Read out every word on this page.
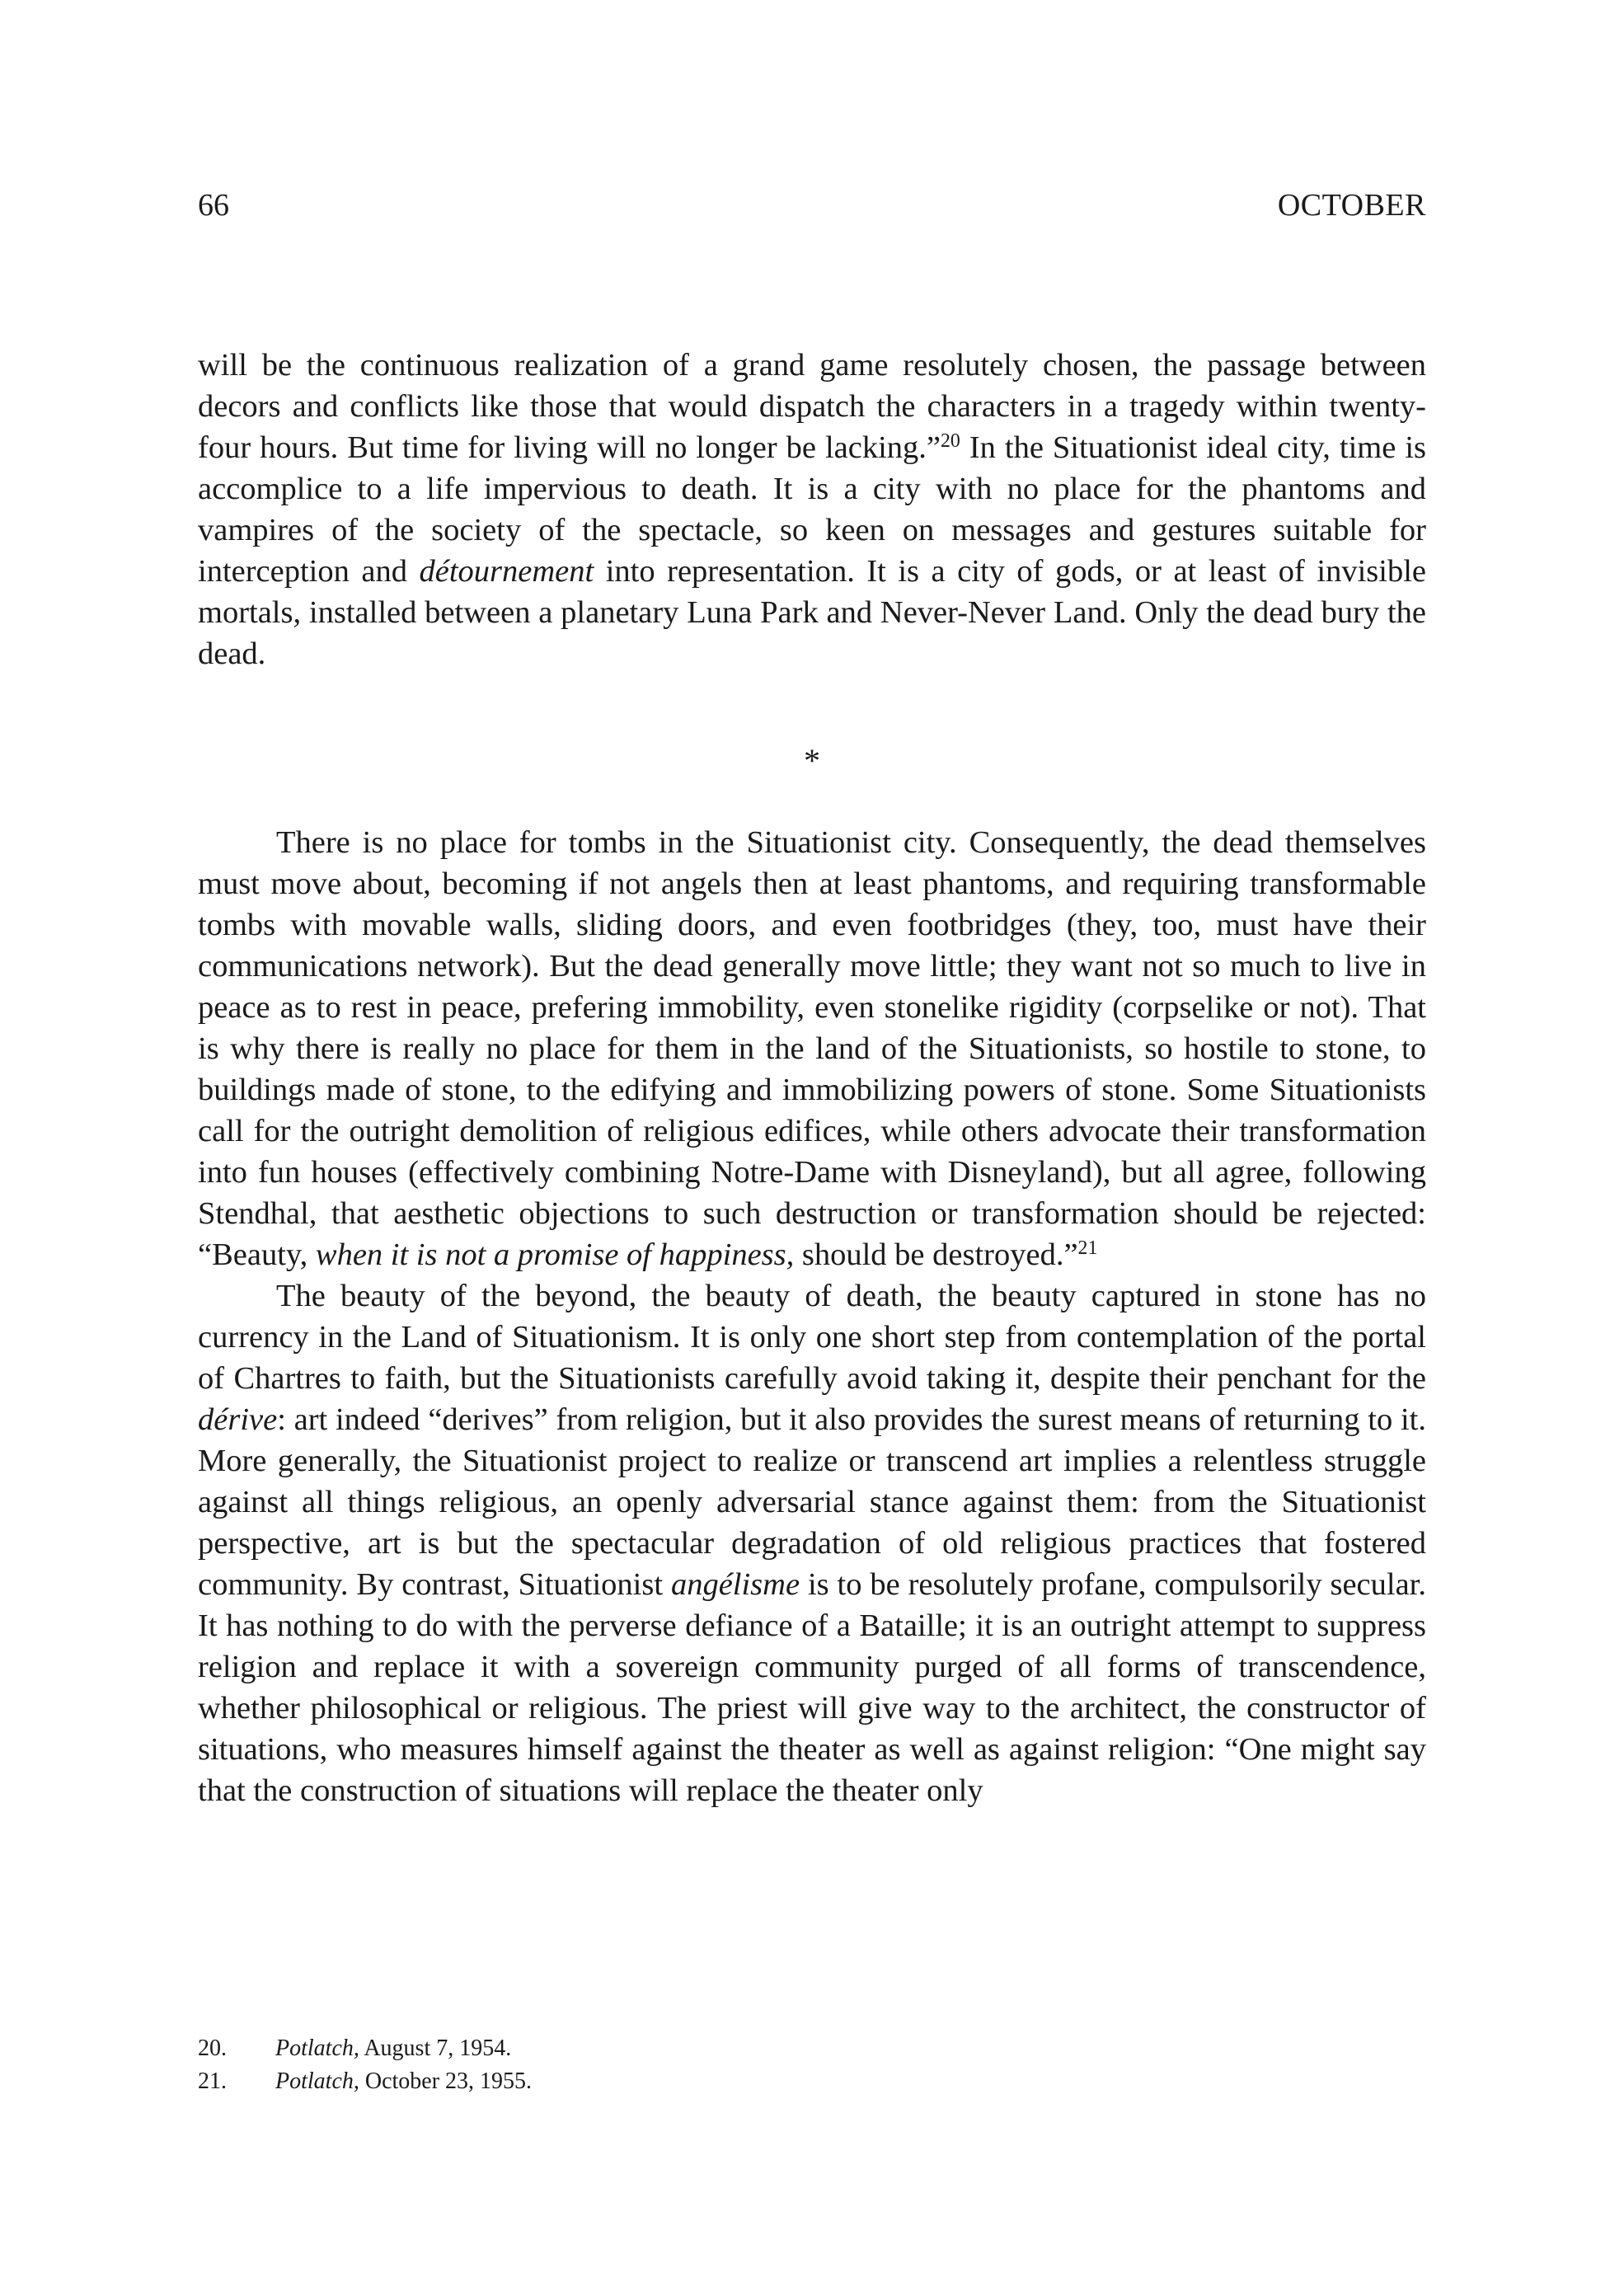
66	OCTOBER

will be the continuous realization of a grand game resolutely chosen, the passage between decors and conflicts like those that would dispatch the characters in a tragedy within twenty-four hours. But time for living will no longer be lacking.”$^{20}$ In the Situationist ideal city, time is accomplice to a life impervious to death. It is a city with no place for the phantoms and vampires of the society of the spectacle, so keen on messages and gestures suitable for interception and détournement into representation. It is a city of gods, or at least of invisible mortals, installed between a planetary Luna Park and Never-Never Land. Only the dead bury the dead.

*

There is no place for tombs in the Situationist city. Consequently, the dead themselves must move about, becoming if not angels then at least phantoms, and requiring transformable tombs with movable walls, sliding doors, and even footbridges (they, too, must have their communications network). But the dead generally move little; they want not so much to live in peace as to rest in peace, prefering immobility, even stonelike rigidity (corpselike or not). That is why there is really no place for them in the land of the Situationists, so hostile to stone, to buildings made of stone, to the edifying and immobilizing powers of stone. Some Situationists call for the outright demolition of religious edifices, while others advocate their transformation into fun houses (effectively combining Notre-Dame with Disneyland), but all agree, following Stendhal, that aesthetic objections to such destruction or transformation should be rejected: “Beauty, when it is not a promise of happiness, should be destroyed.”$^{21}$

The beauty of the beyond, the beauty of death, the beauty captured in stone has no currency in the Land of Situationism. It is only one short step from contemplation of the portal of Chartres to faith, but the Situationists carefully avoid taking it, despite their penchant for the dérive: art indeed “derives” from religion, but it also provides the surest means of returning to it. More generally, the Situationist project to realize or transcend art implies a relentless struggle against all things religious, an openly adversarial stance against them: from the Situationist perspective, art is but the spectacular degradation of old religious practices that fostered community. By contrast, Situationist angélisme is to be resolutely profane, compulsorily secular. It has nothing to do with the perverse defiance of a Bataille; it is an outright attempt to suppress religion and replace it with a sovereign community purged of all forms of transcendence, whether philosophical or religious. The priest will give way to the architect, the constructor of situations, who measures himself against the theater as well as against religion: “One might say that the construction of situations will replace the theater only

20. Potlatch, August 7, 1954.
21. Potlatch, October 23, 1955.
